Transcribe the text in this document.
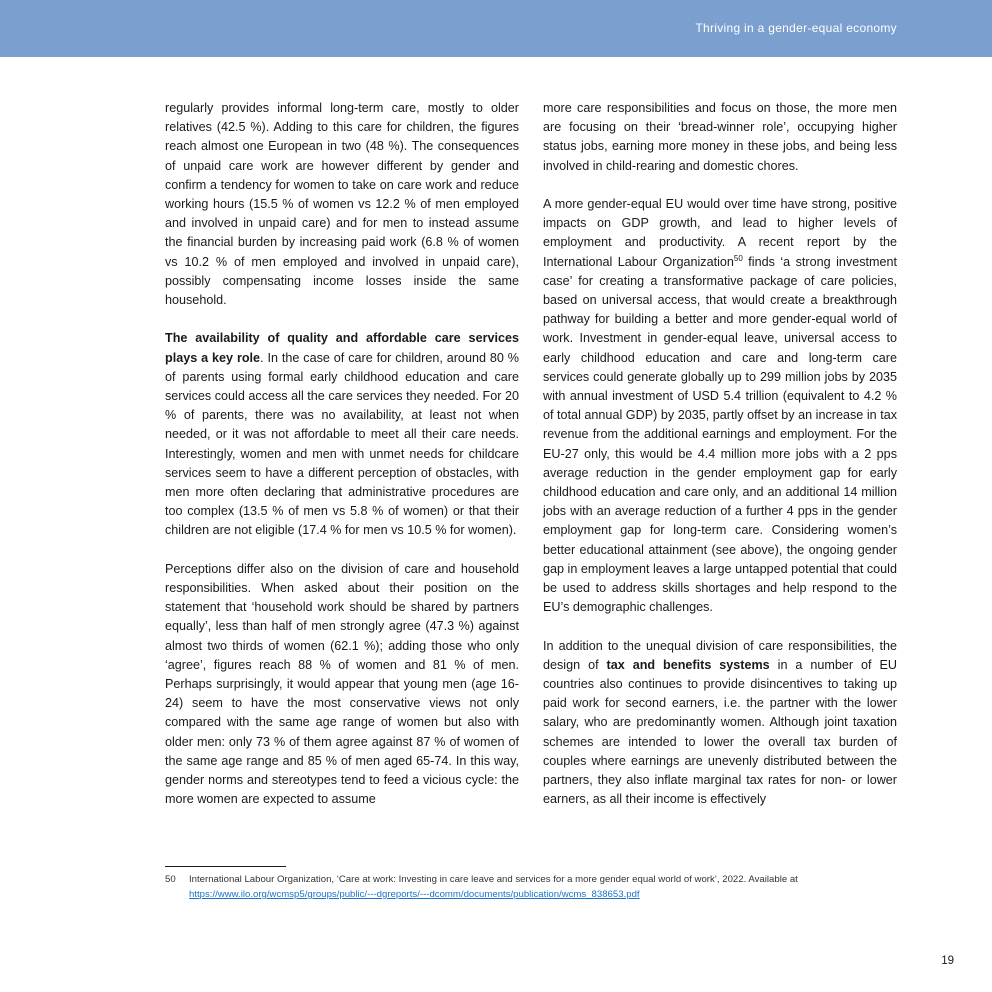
Thriving in a gender-equal economy

regularly provides informal long-term care, mostly to older relatives (42.5 %). Adding to this care for children, the figures reach almost one European in two (48 %). The consequences of unpaid care work are however different by gender and confirm a tendency for women to take on care work and reduce working hours (15.5 % of women vs 12.2 % of men employed and involved in unpaid care) and for men to instead assume the financial burden by increasing paid work (6.8 % of women vs 10.2 % of men employed and involved in unpaid care), possibly compensating income losses inside the same household.

The availability of quality and affordable care services plays a key role. In the case of care for children, around 80 % of parents using formal early childhood education and care services could access all the care services they needed. For 20 % of parents, there was no availability, at least not when needed, or it was not affordable to meet all their care needs. Interestingly, women and men with unmet needs for childcare services seem to have a different perception of obstacles, with men more often declaring that administrative procedures are too complex (13.5 % of men vs 5.8 % of women) or that their children are not eligible (17.4 % for men vs 10.5 % for women).

Perceptions differ also on the division of care and household responsibilities. When asked about their position on the statement that ‘household work should be shared by partners equally’, less than half of men strongly agree (47.3 %) against almost two thirds of women (62.1 %); adding those who only ‘agree’, figures reach 88 % of women and 81 % of men. Perhaps surprisingly, it would appear that young men (age 16-24) seem to have the most conservative views not only compared with the same age range of women but also with older men: only 73 % of them agree against 87 % of women of the same age range and 85 % of men aged 65-74. In this way, gender norms and stereotypes tend to feed a vicious cycle: the more women are expected to assume

more care responsibilities and focus on those, the more men are focusing on their ‘bread-winner role’, occupying higher status jobs, earning more money in these jobs, and being less involved in child-rearing and domestic chores.

A more gender-equal EU would over time have strong, positive impacts on GDP growth, and lead to higher levels of employment and productivity. A recent report by the International Labour Organization$^{50}$ finds ‘a strong investment case’ for creating a transformative package of care policies, based on universal access, that would create a breakthrough pathway for building a better and more gender-equal world of work. Investment in gender-equal leave, universal access to early childhood education and care and long-term care services could generate globally up to 299 million jobs by 2035 with annual investment of USD 5.4 trillion (equivalent to 4.2 % of total annual GDP) by 2035, partly offset by an increase in tax revenue from the additional earnings and employment. For the EU-27 only, this would be 4.4 million more jobs with a 2 pps average reduction in the gender employment gap for early childhood education and care only, and an additional 14 million jobs with an average reduction of a further 4 pps in the gender employment gap for long-term care. Considering women’s better educational attainment (see above), the ongoing gender gap in employment leaves a large untapped potential that could be used to address skills shortages and help respond to the EU’s demographic challenges.

In addition to the unequal division of care responsibilities, the design of tax and benefits systems in a number of EU countries also continues to provide disincentives to taking up paid work for second earners, i.e. the partner with the lower salary, who are predominantly women. Although joint taxation schemes are intended to lower the overall tax burden of couples where earnings are unevenly distributed between the partners, they also inflate marginal tax rates for non- or lower earners, as all their income is effectively

50 International Labour Organization, ‘Care at work: Investing in care leave and services for a more gender equal world of work’, 2022. Available at
https://www.ilo.org/wcmsp5/groups/public/---dgreports/---dcomm/documents/publication/wcms_838653.pdf
19
